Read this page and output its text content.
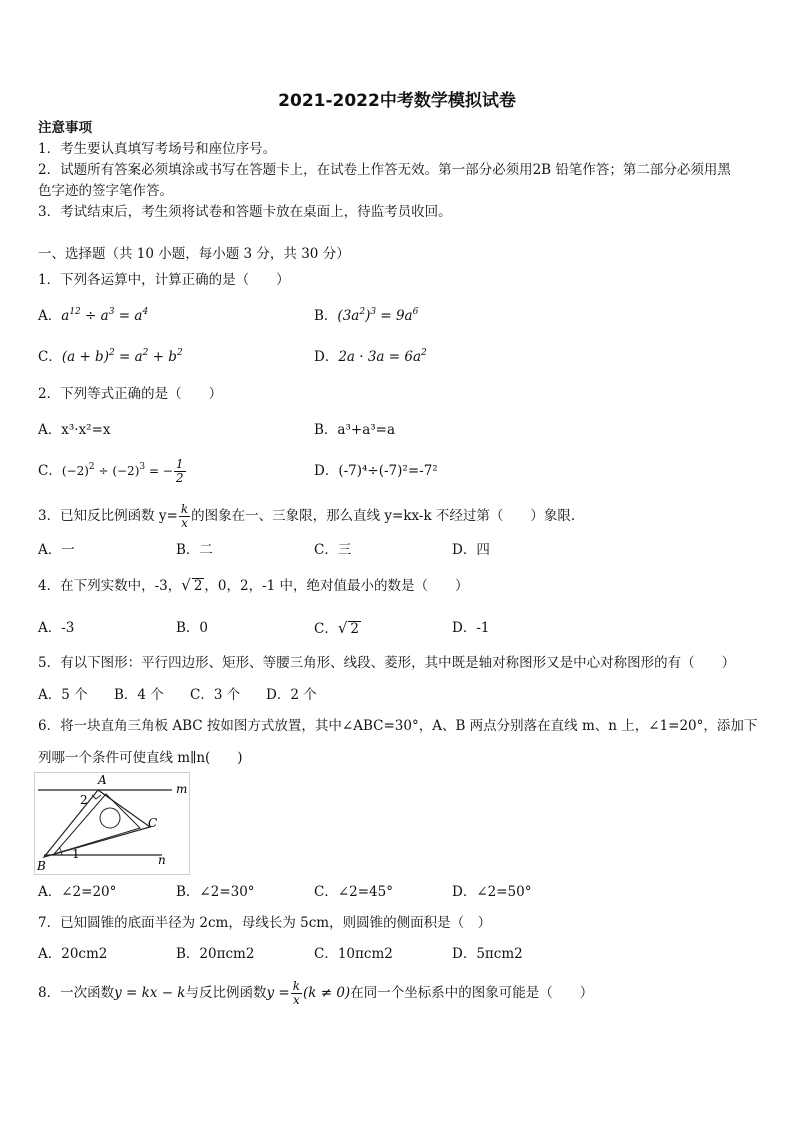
2021-2022中考数学模拟试卷
注意事项
1．考生要认真填写考场号和座位序号。
2．试题所有答案必须填涂或书写在答题卡上，在试卷上作答无效。第一部分必须用2B 铅笔作答；第二部分必须用黑
色字迹的签字笔作答。
3．考试结束后，考生须将试卷和答题卡放在桌面上，待监考员收回。
一、选择题（共 10 小题，每小题 3 分，共 30 分）
1．下列各运算中，计算正确的是（　　）
A．$a^{12} \div a^3 = a^4$	B．$(3a^2)^3 = 9a^6$
C．$(a + b)^2 = a^2 + b^2$	D．$2a \cdot 3a = 6a^2$
2．下列等式正确的是（　　）
A．x³·x²=x	B．a³+a³=a
C．$(-2)^2 \div (-2)^3$ = − $\frac{1}{2}$	D．(-7)⁴÷(-7)²=-7²
3．已知反比例函数 $y= \frac{k}{x}$ 的图象在一、三象限，那么直线 y=kx-k 不经过第（　　）象限.
A．一	B．二	C．三	D．四
4．在下列实数中，-3，√ 2 ，0，2，-1 中，绝对值最小的数是（　　）
A．-3	B．0	C．√ 2	D．-1
5．有以下图形：平行四边形、矩形、等腰三角形、线段、菱形，其中既是轴对称图形又是中心对称图形的有（　　）
A．5 个 B．4 个 C．3 个 D．2 个
6．将一块直角三角板 ABC 按如图方式放置，其中∠ABC=30°，A、B 两点分别落在直线 m、n 上，∠1=20°，添加下
列哪一个条件可使直线 m∥n(　　)
A
B
C
m
n
1
2
A．∠2=20°	B．∠2=30°	C．∠2=45°	D．∠2=50°
7．已知圆锥的底面半径为 2cm，母线长为 5cm，则圆锥的侧面积是（　）
A．20cm2	B．20πcm2	C．10πcm2	D．5πcm2
8．一次函数y = kx − k与反比例函数$y = \frac{k}{x} (k \ne 0)$在同一个坐标系中的图象可能是（　　）
